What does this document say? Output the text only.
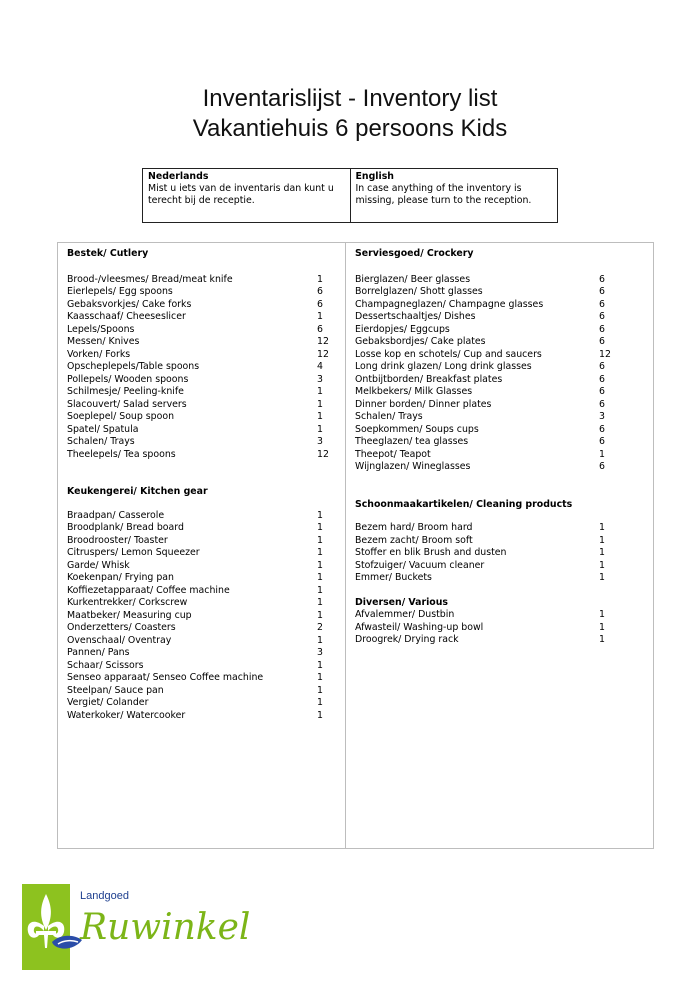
Inventarislijst - Inventory list
Vakantiehuis 6 persoons Kids
Nederlands
Mist u iets van de inventaris dan kunt u terecht bij de receptie.
English
In case anything of the inventory is missing, please turn to the reception.
Bestek/ Cutlery
Brood-/vleesmes/ Bread/meat knife	1
Eierlepels/ Egg spoons	6
Gebaksvorkjes/ Cake forks	6
Kaasschaaf/ Cheeseslicer	1
Lepels/Spoons	6
Messen/ Knives	12
Vorken/ Forks	12
Opscheplepels/Table spoons	4
Pollepels/ Wooden spoons	3
Schilmesje/ Peeling-knife	1
Slacouvert/ Salad servers	1
Soeplepel/ Soup spoon	1
Spatel/ Spatula	1
Schalen/ Trays	3
Theelepels/ Tea spoons	12
Keukengerei/ Kitchen gear
Braadpan/ Casserole	1
Broodplank/ Bread board	1
Broodrooster/ Toaster	1
Citruspers/ Lemon Squeezer	1
Garde/ Whisk	1
Koekenpan/ Frying pan	1
Koffiezetapparaat/ Coffee machine	1
Kurkentrekker/ Corkscrew	1
Maatbeker/ Measuring cup	1
Onderzetters/ Coasters	2
Ovenschaal/ Oventray	1
Pannen/ Pans	3
Schaar/ Scissors	1
Senseo apparaat/ Senseo Coffee machine	1
Steelpan/ Sauce pan	1
Vergiet/ Colander	1
Waterkoker/ Watercooker	1
Serviesgoed/ Crockery
Bierglazen/ Beer glasses	6
Borrelglazen/ Shott glasses	6
Champagneglazen/ Champagne glasses	6
Dessertschaaltjes/ Dishes	6
Eierdopjes/ Eggcups	6
Gebaksbordjes/ Cake plates	6
Losse kop en schotels/ Cup and saucers	12
Long drink glazen/ Long drink glasses	6
Ontbijtborden/ Breakfast plates	6
Melkbekers/ Milk Glasses	6
Dinner borden/ Dinner plates	6
Schalen/ Trays	3
Soepkommen/ Soups cups	6
Theeglazen/ tea glasses	6
Theepot/ Teapot	1
Wijnglazen/ Wineglasses	6
Schoonmaakartikelen/ Cleaning products
Bezem hard/ Broom hard	1
Bezem zacht/ Broom soft	1
Stoffer en blik Brush and dusten	1
Stofzuiger/ Vacuum cleaner	1
Emmer/ Buckets	1
Diversen/ Various
Afvalemmer/ Dustbin	1
Afwasteil/ Washing-up bowl	1
Droogrek/ Drying rack	1
Landgoed
Ruwinkel
